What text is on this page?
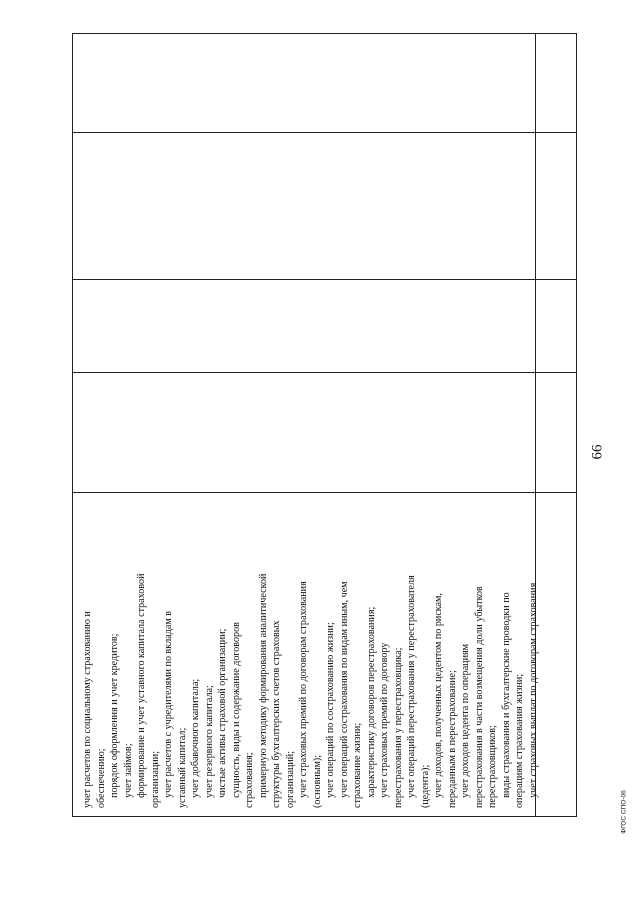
66
ФГОС СПО-06
учет расчетов по социальному страхованию и обеспечению; порядок оформления и учет кредитов; учет займов; формирование и учет уставного капитала страховой организации; учет расчетов с учредителями по вкладам в уставный капитал; учет добавочного капитала; учет резервного капитала; чистые активы страховой организации; сущность, виды и содержание договоров страхования; примерную методику формирования аналитической структуры бухгалтерских счетов страховых организаций; учет страховых премий по договорам страхования (основным); учет операций по сострахованию жизни; учет операций сострахования по видам иным, чем страхование жизни; характеристику договоров перестрахования; учет страховых премий по договору перестрахования у перестраховщика; учет операций перестрахования у перестрахователя (цедента); учет доходов, полученных цедентом по рискам, переданным в перестрахование; учет доходов цедента по операциям перестрахования в части возмещения доли убытков перестраховщиков; виды страхования и бухгалтерские проводки по операциям страхования жизни; учет страховых выплат по договорам страхования
